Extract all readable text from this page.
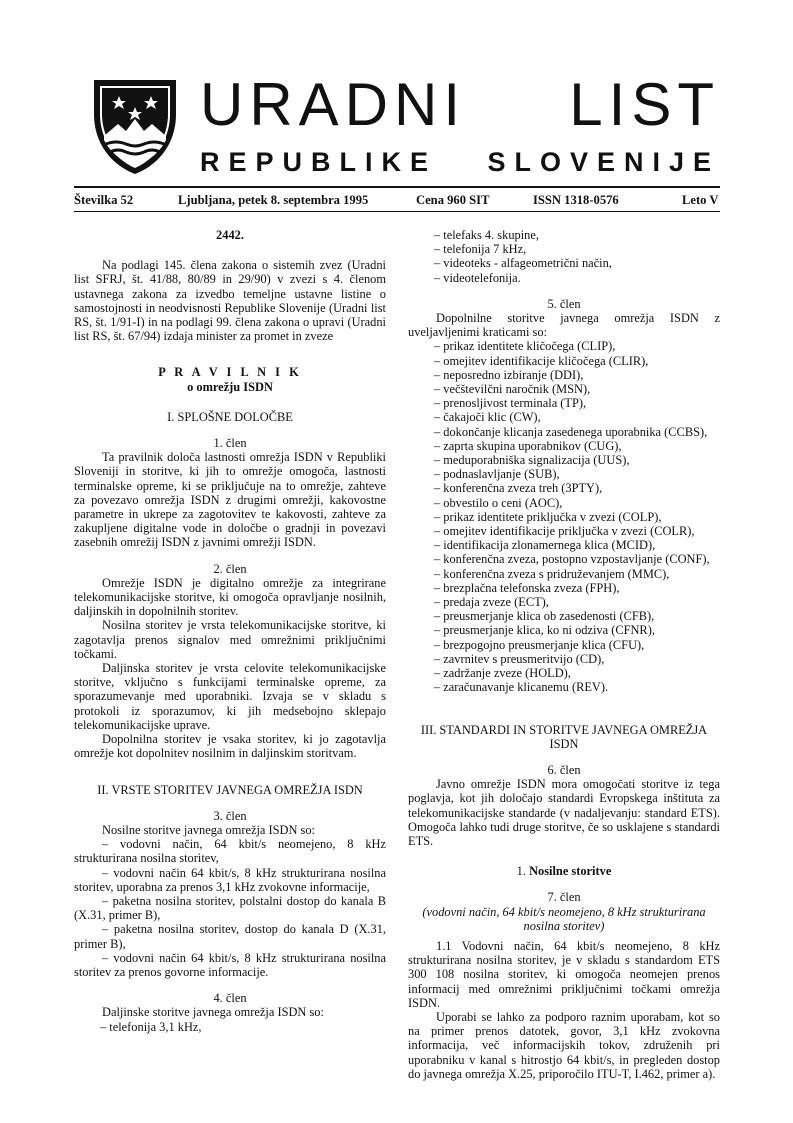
URADNI LIST
REPUBLIKE SLOVENIJE
Številka 52	Ljubljana, petek 8. septembra 1995	Cena 960 SIT	ISSN 1318-0576	Leto V

2442.

Na podlagi 145. člena zakona o sistemih zvez (Uradni list SFRJ, št. 41/88, 80/89 in 29/90) v zvezi s 4. členom ustavnega zakona za izvedbo temeljne ustavne listine o samostojnosti in neodvisnosti Republike Slovenije (Uradni list RS, št. 1/91-I) in na podlagi 99. člena zakona o upravi (Uradni list RS, št. 67/94) izdaja minister za promet in zveze

P R A V I L N I K

o omrežju ISDN

I. SPLOŠNE DOLOČBE

1. člen

Ta pravilnik določa lastnosti omrežja ISDN v Republiki Sloveniji in storitve, ki jih to omrežje omogoča, lastnosti terminalske opreme, ki se priključuje na to omrežje, zahteve za povezavo omrežja ISDN z drugimi omrežji, kakovostne parametre in ukrepe za zagotovitev te kakovosti, zahteve za zakupljene digitalne vode in določbe o gradnji in povezavi zasebnih omrežij ISDN z javnimi omrežji ISDN.

2. člen

Omrežje ISDN je digitalno omrežje za integrirane telekomunikacijske storitve, ki omogoča opravljanje nosilnih, daljinskih in dopolnilnih storitev.

Nosilna storitev je vrsta telekomunikacijske storitve, ki zagotavlja prenos signalov med omrežnimi priključnimi točkami.

Daljinska storitev je vrsta celovite telekomunikacijske storitve, vključno s funkcijami terminalske opreme, za sporazumevanje med uporabniki. Izvaja se v skladu s protokoli iz sporazumov, ki jih medsebojno sklepajo telekomunikacijske uprave.

Dopolnilna storitev je vsaka storitev, ki jo zagotavlja omrežje kot dopolnitev nosilnim in daljinskim storitvam.

II. VRSTE STORITEV JAVNEGA OMREŽJA ISDN

3. člen

Nosilne storitve javnega omrežja ISDN so:

– vodovni način, 64 kbit/s neomejeno, 8 kHz strukturirana nosilna storitev,

– vodovni način 64 kbit/s, 8 kHz strukturirana nosilna storitev, uporabna za prenos 3,1 kHz zvokovne informacije,

– paketna nosilna storitev, polstalni dostop do kanala B (X.31, primer B),

– paketna nosilna storitev, dostop do kanala D (X.31, primer B),

– vodovni način 64 kbit/s, 8 kHz strukturirana nosilna storitev za prenos govorne informacije.

4. člen

Daljinske storitve javnega omrežja ISDN so:

– telefonija 3,1 kHz,

– telefaks 4. skupine,

– telefonija 7 kHz,

– videoteks - alfageometrični način,

– videotelefonija.

5. člen

Dopolnilne storitve javnega omrežja ISDN z uveljavljenimi kraticami so:

– prikaz identitete kličočega (CLIP),

– omejitev identifikacije kličočega (CLIR),

– neposredno izbiranje (DDI),

– večštevilčni naročnik (MSN),

– prenosljivost terminala (TP),

– čakajoči klic (CW),

– dokončanje klicanja zasedenega uporabnika (CCBS),

– zaprta skupina uporabnikov (CUG),

– meduporabniška signalizacija (UUS),

– podnaslavljanje (SUB),

– konferenčna zveza treh (3PTY),

– obvestilo o ceni (AOC),

– prikaz identitete priključka v zvezi (COLP),

– omejitev identifikacije priključka v zvezi (COLR),

– identifikacija zlonamernega klica (MCID),

– konferenčna zveza, postopno vzpostavljanje (CONF),

– konferenčna zveza s pridruževanjem (MMC),

– brezplačna telefonska zveza (FPH),

– predaja zveze (ECT),

– preusmerjanje klica ob zasedenosti (CFB),

– preusmerjanje klica, ko ni odziva (CFNR),

– brezpogojno preusmerjanje klica (CFU),

– zavrnitev s preusmeritvijo (CD),

– zadržanje zveze (HOLD),

– zaračunavanje klicanemu (REV).

III. STANDARDI IN STORITVE JAVNEGA OMREŽJA ISDN

6. člen

Javno omrežje ISDN mora omogočati storitve iz tega poglavja, kot jih določajo standardi Evropskega inštituta za telekomunikacijske standarde (v nadaljevanju: standard ETS). Omogoča lahko tudi druge storitve, če so usklajene s standardi ETS.

1. Nosilne storitve

7. člen

(vodovni način, 64 kbit/s neomejeno, 8 kHz strukturirana nosilna storitev)

1.1 Vodovni način, 64 kbit/s neomejeno, 8 kHz strukturirana nosilna storitev, je v skladu s standardom ETS 300 108 nosilna storitev, ki omogoča neomejen prenos informacij med omrežnimi priključnimi točkami omrežja ISDN.

Uporabi se lahko za podporo raznim uporabam, kot so na primer prenos datotek, govor, 3,1 kHz zvokovna informacija, več informacijskih tokov, združenih pri uporabniku v kanal s hitrostjo 64 kbit/s, in pregleden dostop do javnega omrežja X.25, priporočilo ITU-T, I.462, primer a).
